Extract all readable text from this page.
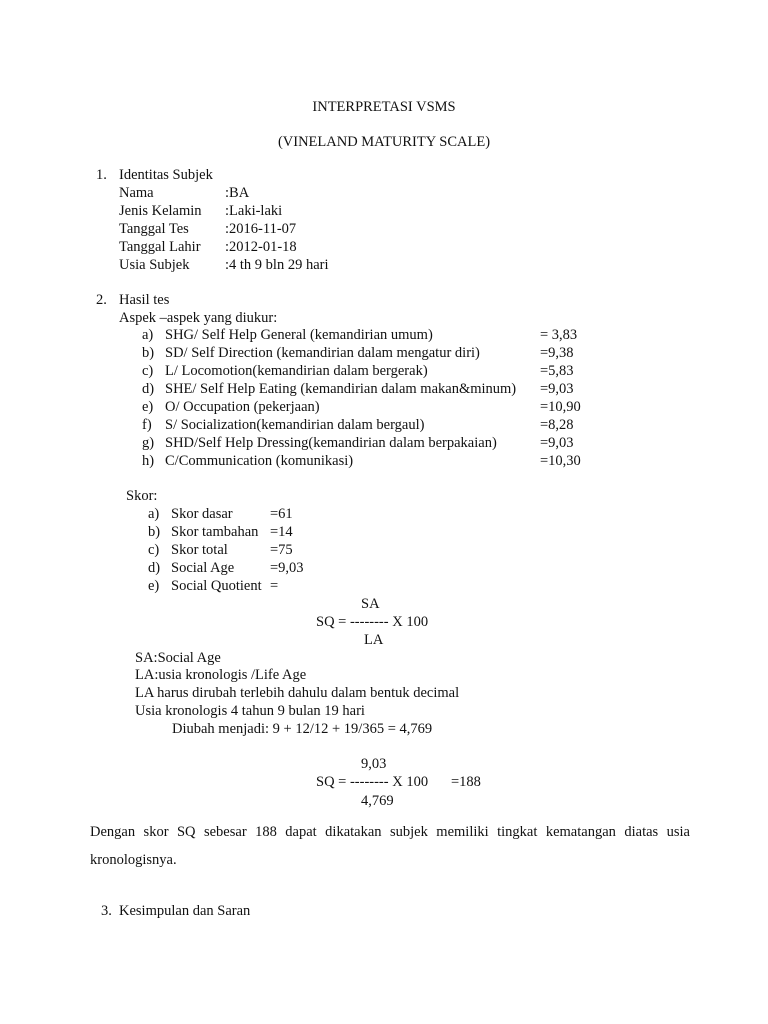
INTERPRETASI VSMS
(VINELAND MATURITY SCALE)
1. Identitas Subjek
Nama	:BA
Jenis Kelamin :Laki-laki
Tanggal Tes :2016-11-07
Tanggal Lahir :2012-01-18
Usia Subjek :4 th 9 bln 29 hari
2. Hasil tes
Aspek –aspek yang diukur:
a) SHG/ Self Help General (kemandirian umum)	= 3,83
b) SD/ Self Direction (kemandirian dalam mengatur diri)	=9,38
c) L/ Locomotion(kemandirian dalam bergerak)	=5,83
d) SHE/ Self Help Eating (kemandirian dalam makan&minum) =9,03
e) O/ Occupation (pekerjaan)	=10,90
f) S/ Socialization(kemandirian dalam bergaul)	=8,28
g) SHD/Self Help Dressing(kemandirian dalam berpakaian)	=9,03
h) C/Communication (komunikasi)	=10,30
Skor:
a) Skor dasar	=61
b) Skor tambahan =14
c) Skor total	=75
d) Social Age =9,03
e) Social Quotient =
SA
SQ = -------- X 100
LA
SA:Social Age
LA:usia kronologis /Life Age
LA harus dirubah terlebih dahulu dalam bentuk decimal
Usia kronologis 4 tahun 9 bulan 19 hari
Diubah menjadi: 9 + 12/12 + 19/365 = 4,769
9,03
SQ = -------- X 100 =188
4,769
Dengan skor SQ sebesar 188 dapat dikatakan subjek memiliki tingkat kematangan diatas usia kronologisnya.
3. Kesimpulan dan Saran
